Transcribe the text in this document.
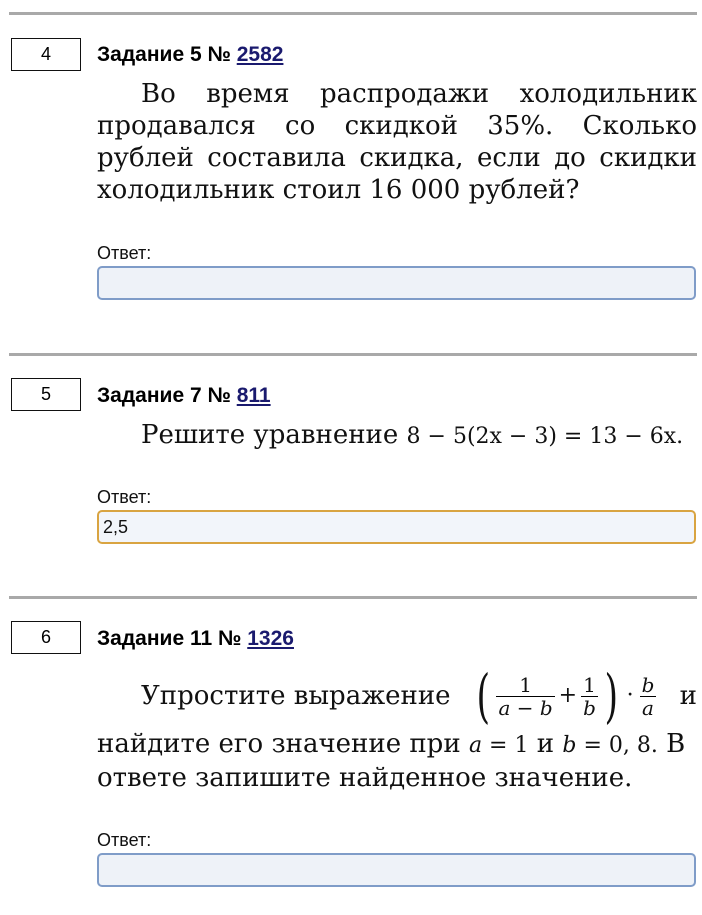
4	Задание 5 № 2582
Во время распродажи холодильник продавался со скидкой 35%. Сколько рублей составила скидка, если до скидки холодильник стоил 16 000 рублей?
Ответ:
5	Задание 7 № 811
Решите уравнение 8 − 5(2x − 3) = 13 − 6x.
Ответ:
2,5
6	Задание 11 № 1326
Упростите выражение ( $\frac{1}{a - b} + \frac{1}{b}$ ) · $\frac{b}{a}$ и
найдите его значение при a = 1 и b = 0, 8. В
ответе запишите найденное значение.
Ответ:
